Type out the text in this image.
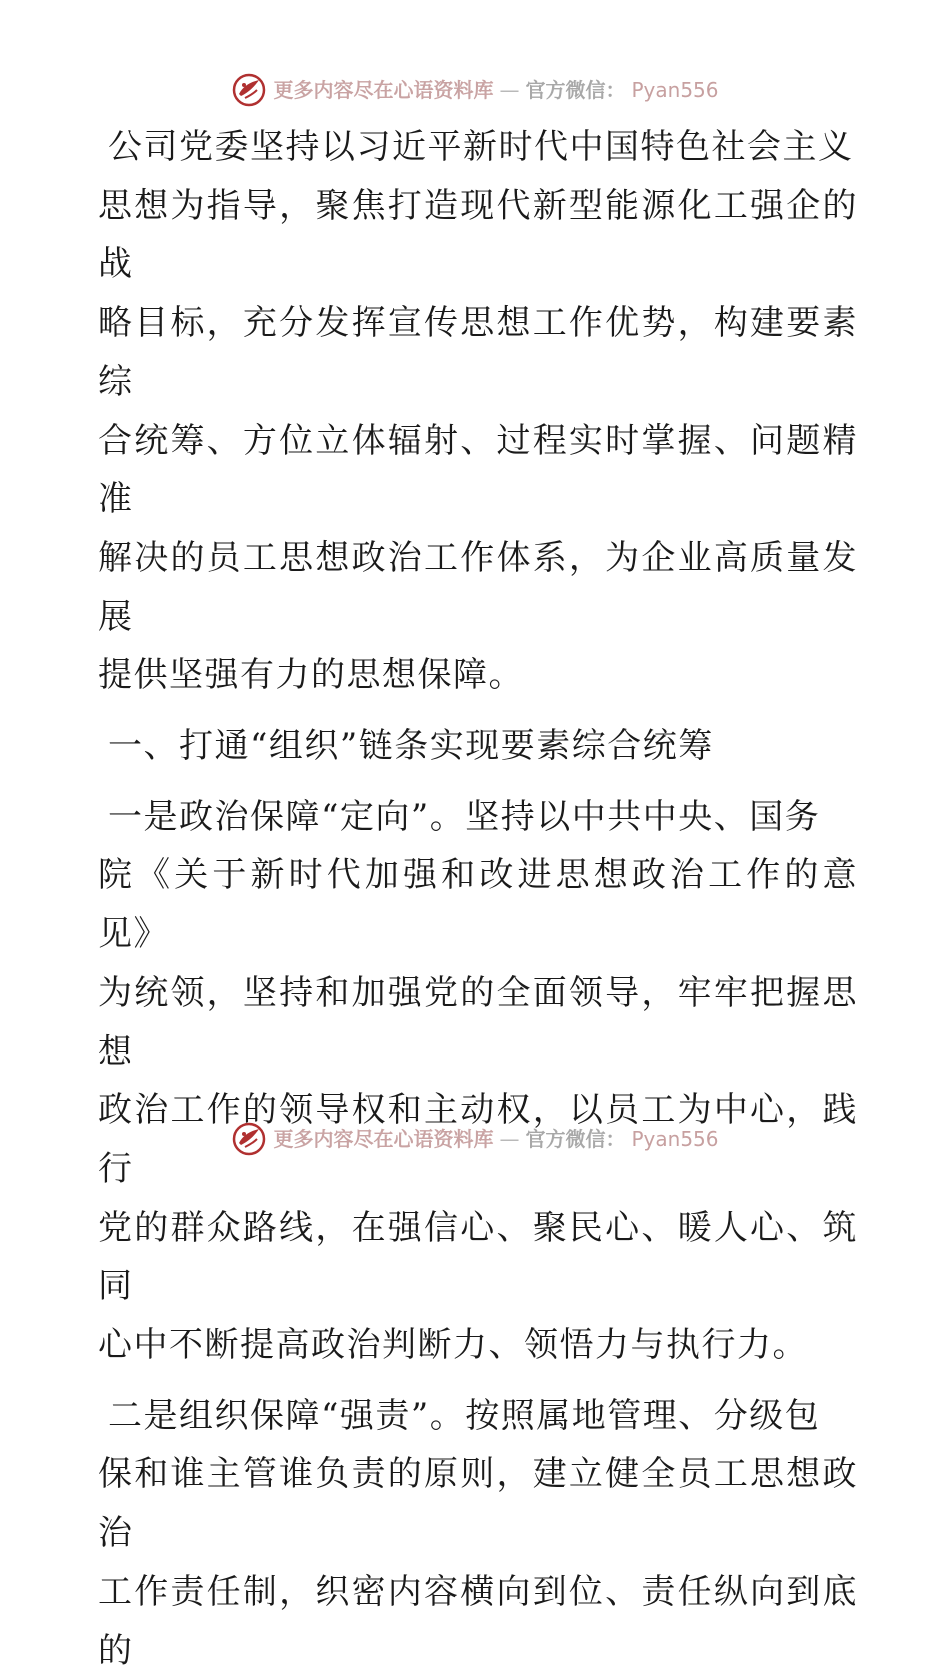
更多内容尽在心语资料库 — 官方微信： Pyan556
公司党委坚持以习近平新时代中国特色社会主义
思想为指导，聚焦打造现代新型能源化工强企的战
略目标，充分发挥宣传思想工作优势，构建要素综
合统筹、方位立体辐射、过程实时掌握、问题精准
解决的员工思想政治工作体系，为企业高质量发展
提供坚强有力的思想保障。
一、打通“组织”链条实现要素综合统筹
一是政治保障“定向”。坚持以中共中央、国务
院《关于新时代加强和改进思想政治工作的意见》
为统领，坚持和加强党的全面领导，牢牢把握思想
政治工作的领导权和主动权，以员工为中心，践行
党的群众路线，在强信心、聚民心、暖人心、筑同
心中不断提高政治判断力、领悟力与执行力。
二是组织保障“强责”。按照属地管理、分级包
保和谁主管谁负责的原则，建立健全员工思想政治
工作责任制，织密内容横向到位、责任纵向到底的
更多内容尽在心语资料库 — 官方微信： Pyan556
